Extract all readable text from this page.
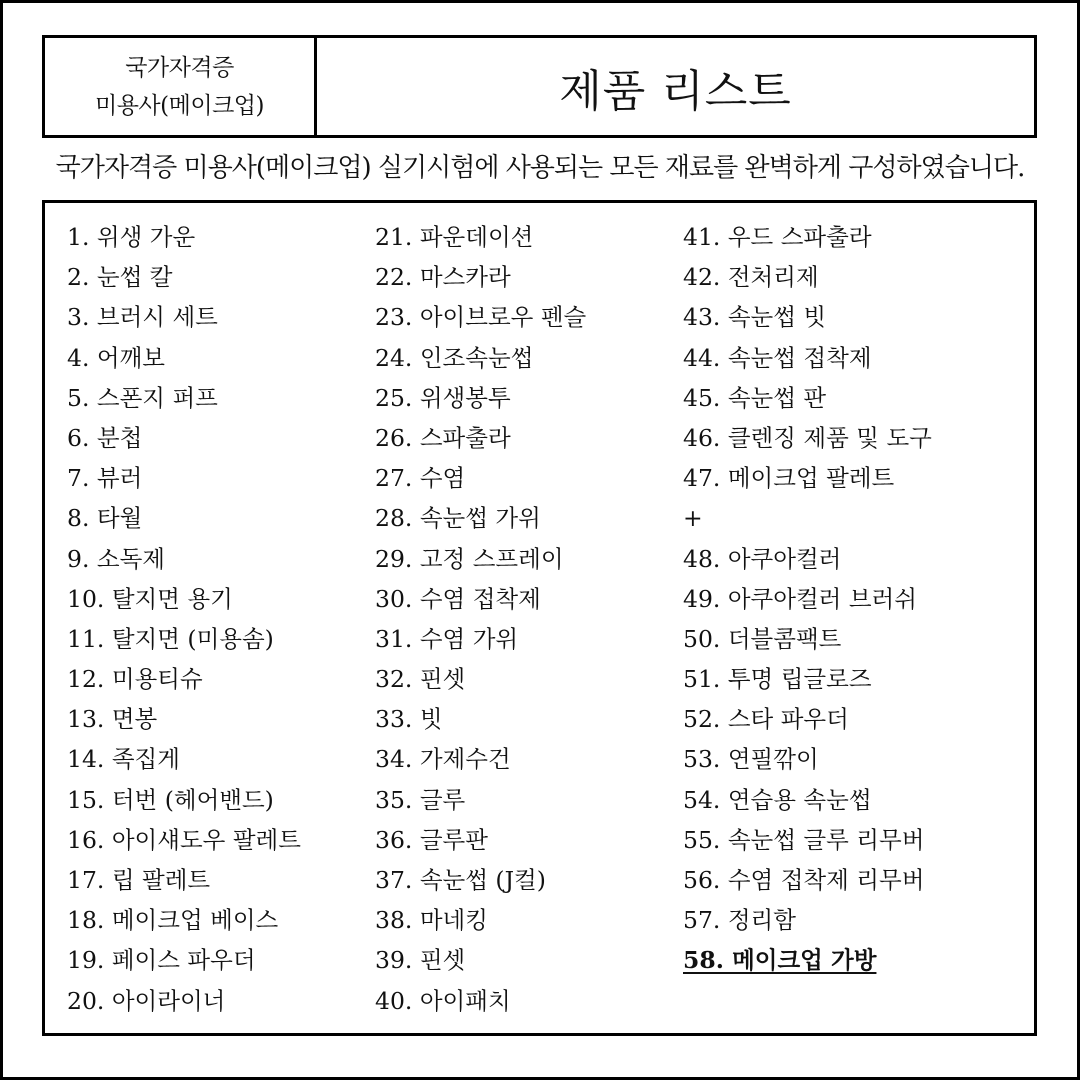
국가자격증
미용사(메이크업)	제품 리스트
국가자격증 미용사(메이크업) 실기시험에 사용되는 모든 재료를 완벽하게 구성하였습니다.
1. 위생 가운
2. 눈썹 칼
3. 브러시 세트
4. 어깨보
5. 스폰지 퍼프
6. 분첩
7. 뷰러
8. 타월
9. 소독제
10. 탈지면 용기
11. 탈지면 (미용솜)
12. 미용티슈
13. 면봉
14. 족집게
15. 터번 (헤어밴드)
16. 아이섀도우 팔레트
17. 립 팔레트
18. 메이크업 베이스
19. 페이스 파우더
20. 아이라이너
21. 파운데이션
22. 마스카라
23. 아이브로우 펜슬
24. 인조속눈썹
25. 위생봉투
26. 스파출라
27. 수염
28. 속눈썹 가위
29. 고정 스프레이
30. 수염 접착제
31. 수염 가위
32. 핀셋
33. 빗
34. 가제수건
35. 글루
36. 글루판
37. 속눈썹 (J컬)
38. 마네킹
39. 핀셋
40. 아이패치
41. 우드 스파출라
42. 전처리제
43. 속눈썹 빗
44. 속눈썹 접착제
45. 속눈썹 판
46. 클렌징 제품 및 도구
47. 메이크업 팔레트
+
48. 아쿠아컬러
49. 아쿠아컬러 브러쉬
50. 더블콤팩트
51. 투명 립글로즈
52. 스타 파우더
53. 연필깎이
54. 연습용 속눈썹
55. 속눈썹 글루 리무버
56. 수염 접착제 리무버
57. 정리함
58. 메이크업 가방
